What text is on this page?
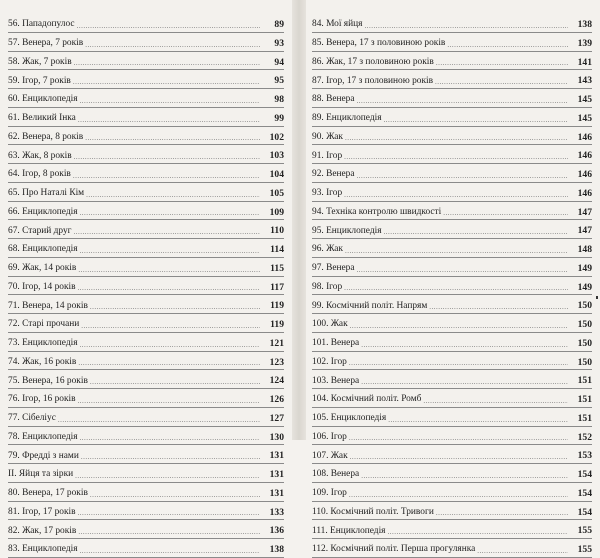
56. Пападопулос .....	89
57. Венера, 7 років .....	93
58. Жак, 7 років .....	94
59. Ігор, 7 років .....	95
60. Енциклопедія .....	98
61. Великий Інка .....	99
62. Венера, 8 років .....	102
63. Жак, 8 років .....	103
64. Ігор, 8 років .....	104
65. Про Наталі Кім .....	105
66. Енциклопедія .....	109
67. Старий друг .....	110
68. Енциклопедія .....	114
69. Жак, 14 років .....	115
70. Ігор, 14 років .....	117
71. Венера, 14 років .....	119
72. Старі прочани .....	119
73. Енциклопедія .....	121
74. Жак, 16 років .....	123
75. Венера, 16 років .....	124
76. Ігор, 16 років .....	126
77. Сібеліус .....	127
78. Енциклопедія .....	130
79. Фредді з нами .....	131
II. Яйця та зірки .....	131
80. Венера, 17 років .....	131
81. Ігор, 17 років .....	133
82. Жак, 17 років .....	136
83. Енциклопедія .....	138
84. Мої яйця .....	138
85. Венера, 17 з половиною років .....	139
86. Жак, 17 з половиною років .....	141
87. Ігор, 17 з половиною років .....	143
88. Венера .....	145
89. Енциклопедія .....	145
90. Жак .....	146
91. Ігор .....	146
92. Венера .....	146
93. Ігор .....	146
94. Техніка контролю швидкості .....	147
95. Енциклопедія .....	147
96. Жак .....	148
97. Венера .....	149
98. Ігор .....	149
99. Космічний політ. Напрям .....	150
100. Жак .....	150
101. Венера .....	150
102. Ігор .....	150
103. Венера .....	151
104. Космічний політ. Ромб .....	151
105. Енциклопедія .....	151
106. Ігор .....	152
107. Жак .....	153
108. Венера .....	154
109. Ігор .....	154
110. Космічний політ. Тривоги .....	154
111. Енциклопедія .....	155
112. Космічний політ. Перша прогулянка .....	155
